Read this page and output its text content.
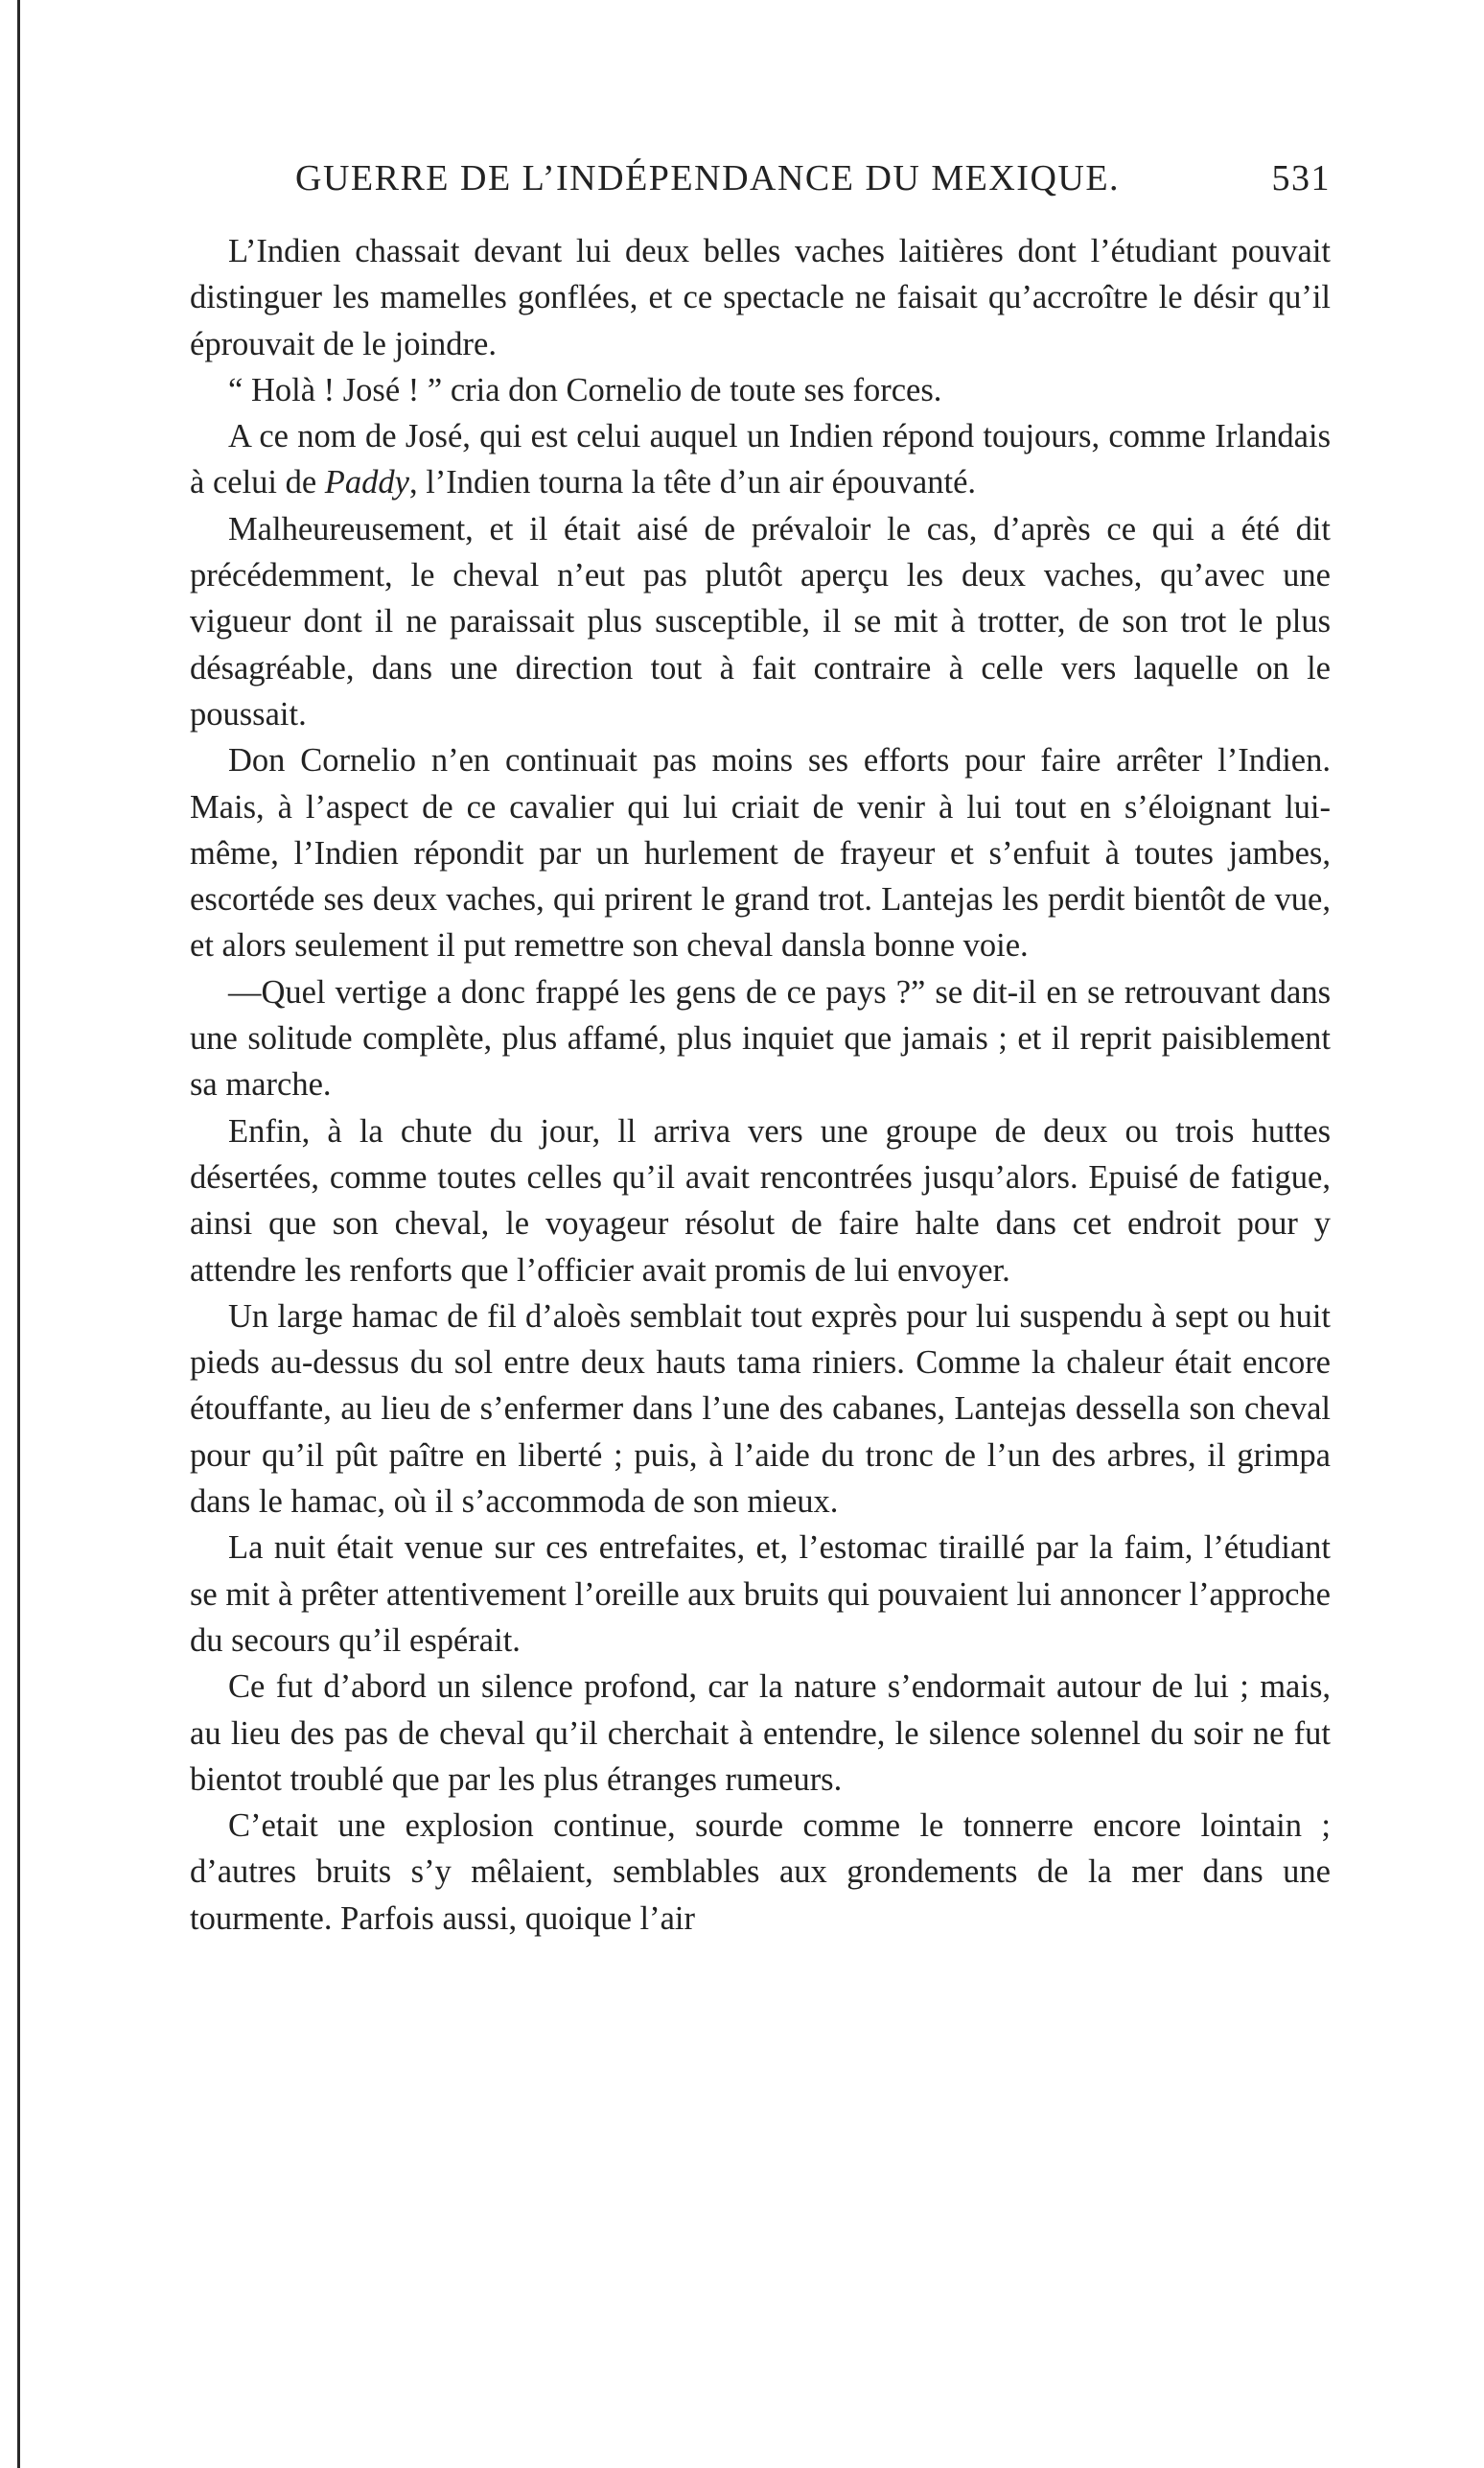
GUERRE DE L’INDÉPENDANCE DU MEXIQUE.	531

L’Indien chassait devant lui deux belles vaches laitières dont l’étudiant pouvait distinguer les mamelles gonflées, et ce spectacle ne faisait qu’accroître le désir qu’il éprouvait de le joindre.

“ Holà ! José ! ” cria don Cornelio de toute ses forces.

A ce nom de José, qui est celui auquel un Indien répond toujours, comme Irlandais à celui de Paddy, l’Indien tourna la tête d’un air épouvanté.

Malheureusement, et il était aisé de prévaloir le cas, d’après ce qui a été dit précédemment, le cheval n’eut pas plutôt aperçu les deux vaches, qu’avec une vigueur dont il ne paraissait plus susceptible, il se mit à trotter, de son trot le plus désagréable, dans une direction tout à fait contraire à celle vers laquelle on le poussait.

Don Cornelio n’en continuait pas moins ses efforts pour faire arrêter l’Indien. Mais, à l’aspect de ce cavalier qui lui criait de venir à lui tout en s’éloignant lui-même, l’Indien répondit par un hurlement de frayeur et s’enfuit à toutes jambes, escortéde ses deux vaches, qui prirent le grand trot. Lantejas les perdit bientôt de vue, et alors seulement il put remettre son cheval dansla bonne voie.

—Quel vertige a donc frappé les gens de ce pays ?” se dit-il en se retrouvant dans une solitude complète, plus affamé, plus inquiet que jamais ; et il reprit paisiblement sa marche.

Enfin, à la chute du jour, ll arriva vers une groupe de deux ou trois huttes désertées, comme toutes celles qu’il avait rencontrées jusqu’alors. Epuisé de fatigue, ainsi que son cheval, le voyageur résolut de faire halte dans cet endroit pour y attendre les renforts que l’officier avait promis de lui envoyer.

Un large hamac de fil d’aloès semblait tout exprès pour lui suspendu à sept ou huit pieds au-dessus du sol entre deux hauts tama riniers. Comme la chaleur était encore étouffante, au lieu de s’enfermer dans l’une des cabanes, Lantejas dessella son cheval pour qu’il pût paître en liberté ; puis, à l’aide du tronc de l’un des arbres, il grimpa dans le hamac, où il s’accommoda de son mieux.

La nuit était venue sur ces entrefaites, et, l’estomac tiraillé par la faim, l’étudiant se mit à prêter attentivement l’oreille aux bruits qui pouvaient lui annoncer l’approche du secours qu’il espérait.

Ce fut d’abord un silence profond, car la nature s’endormait autour de lui ; mais, au lieu des pas de cheval qu’il cherchait à entendre, le silence solennel du soir ne fut bientot troublé que par les plus étranges rumeurs.

C’etait une explosion continue, sourde comme le tonnerre encore lointain ; d’autres bruits s’y mêlaient, semblables aux grondements de la mer dans une tourmente. Parfois aussi, quoique l’air
